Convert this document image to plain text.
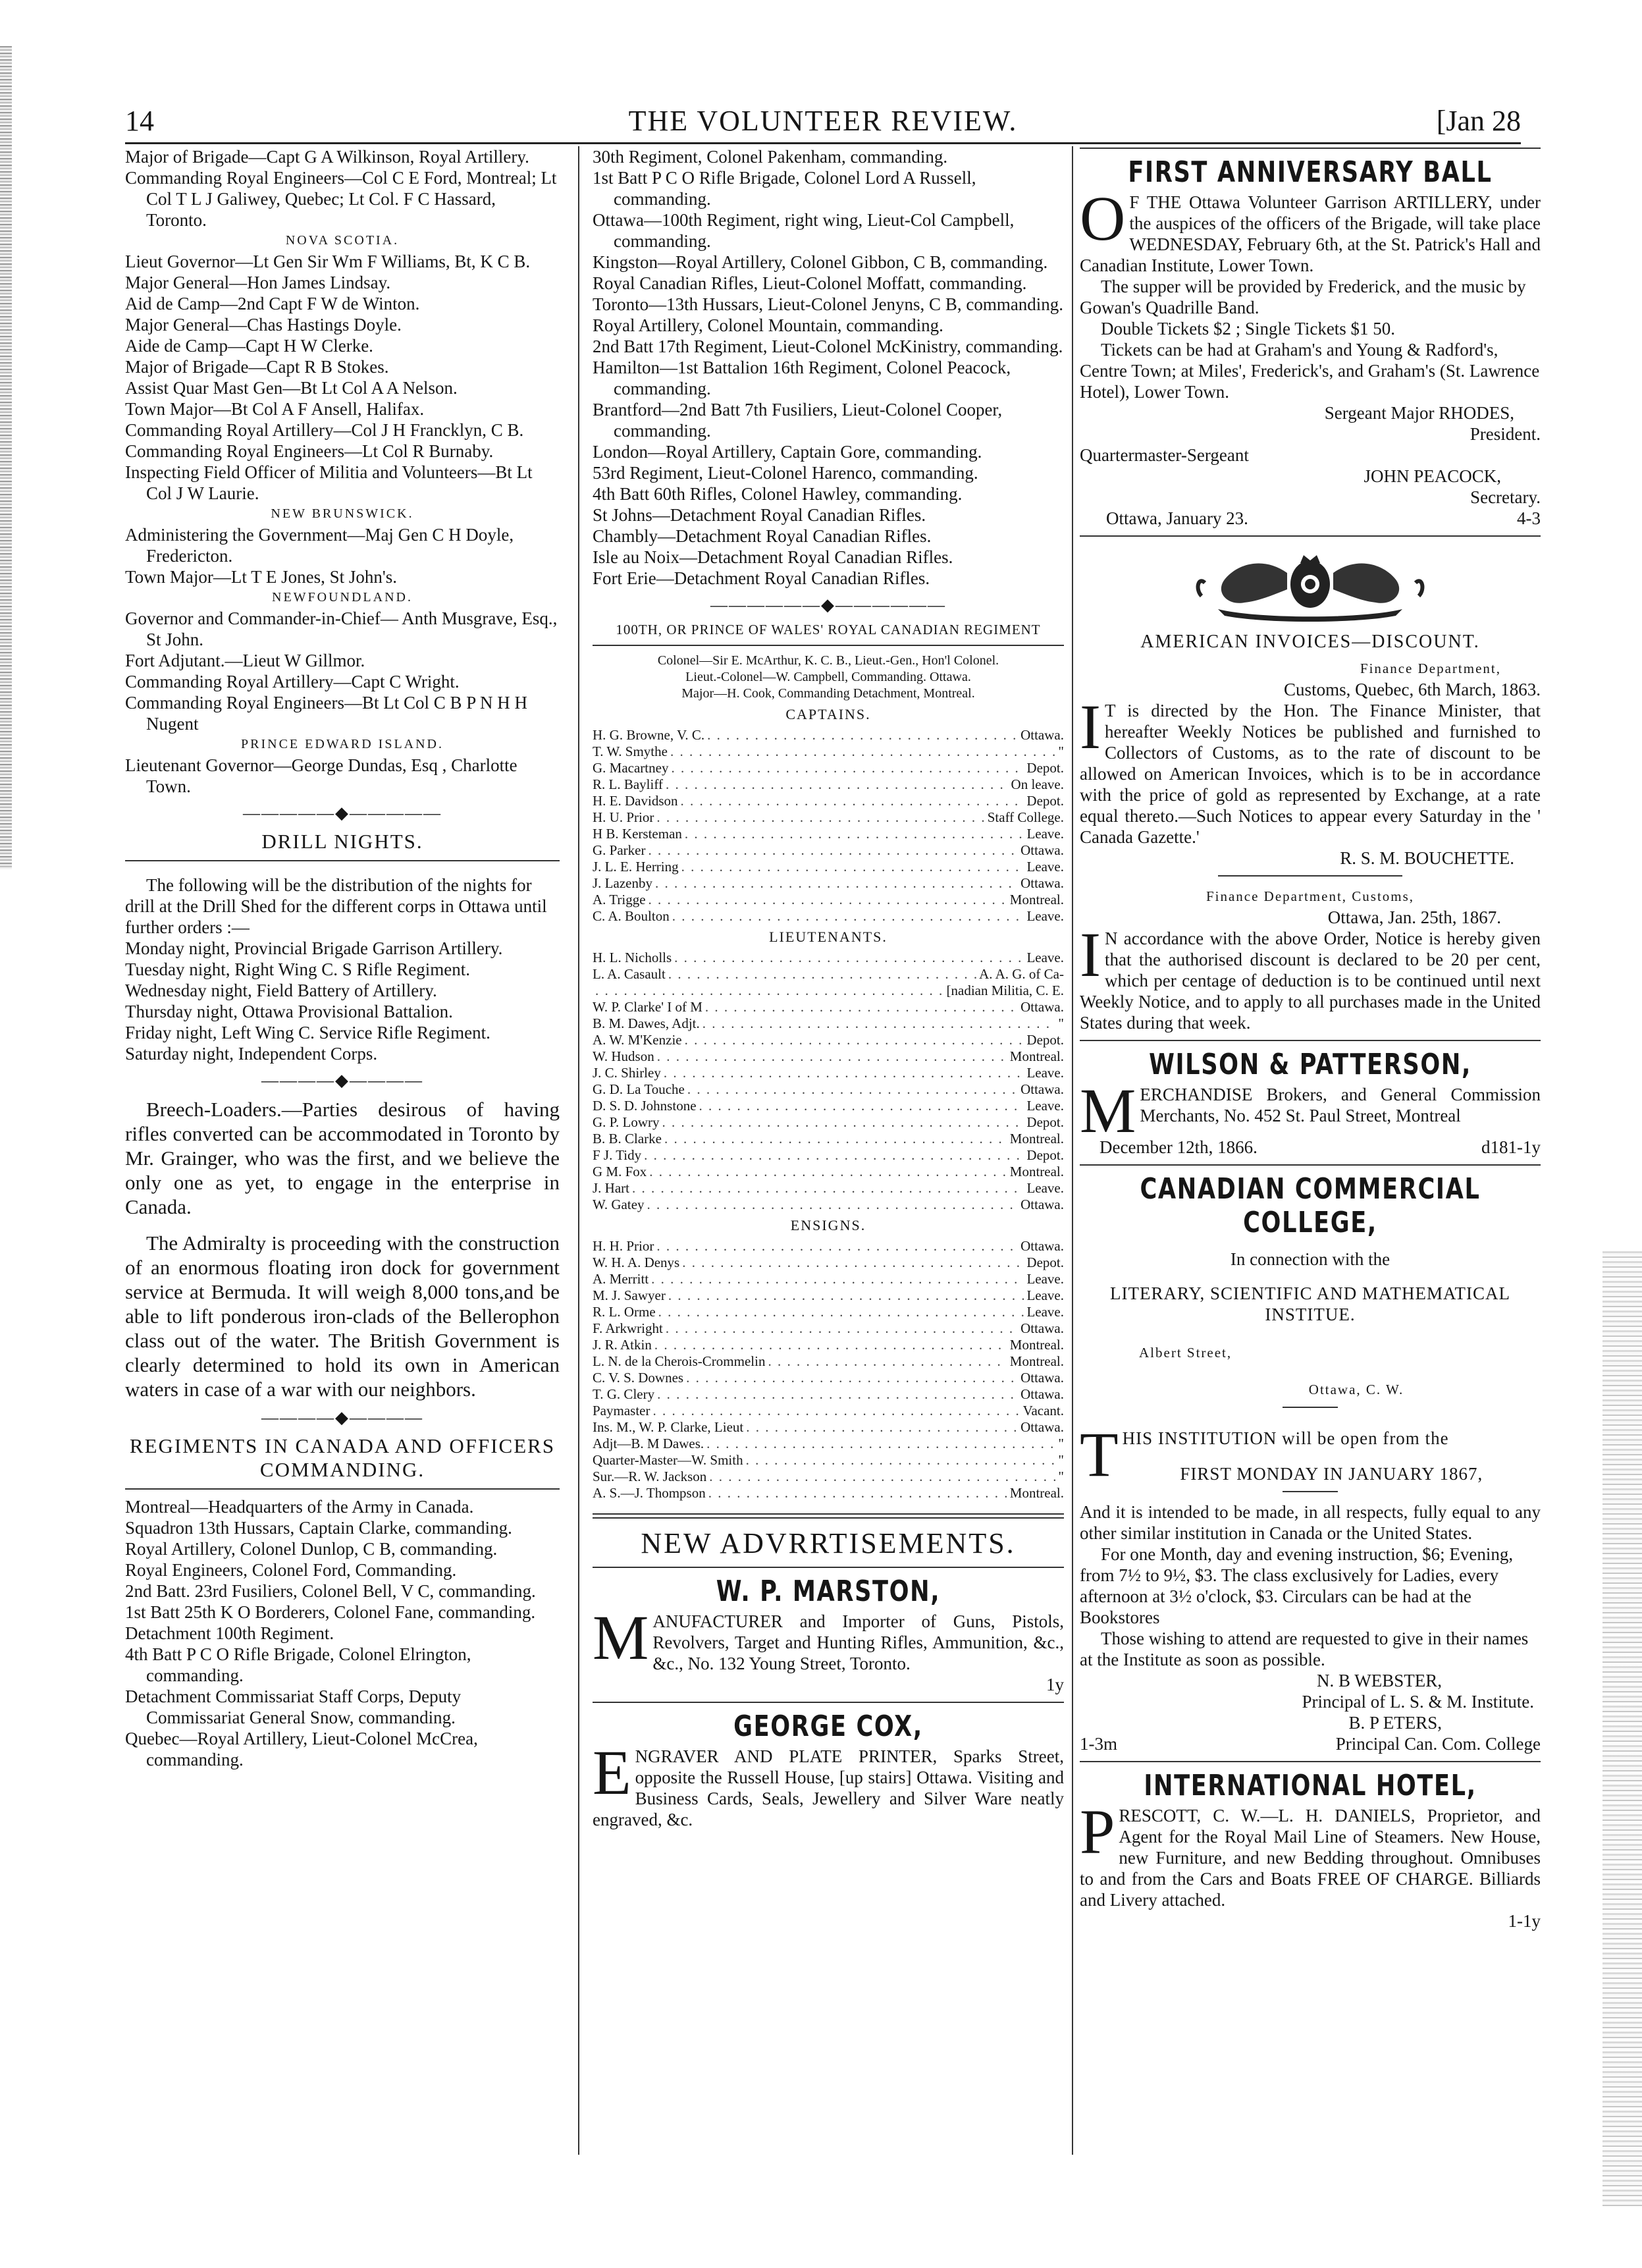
14	THE VOLUNTEER REVIEW.	[Jan 28

Major of Brigade—Capt G A Wilkinson, Royal Artillery.

Commanding Royal Engineers—Col C E Ford, Montreal; Lt Col T L J Galiwey, Quebec; Lt Col. F C Hassard, Toronto.

NOVA SCOTIA.

Lieut Governor—Lt Gen Sir Wm F Williams, Bt, K C B.

Major General—Hon James Lindsay.

Aid de Camp—2nd Capt F W de Winton.

Major General—Chas Hastings Doyle.

Aide de Camp—Capt H W Clerke.

Major of Brigade—Capt R B Stokes.

Assist Quar Mast Gen—Bt Lt Col A A Nelson.

Town Major—Bt Col A F Ansell, Halifax.

Commanding Royal Artillery—Col J H Francklyn, C B.

Commanding Royal Engineers—Lt Col R Burnaby.

Inspecting Field Officer of Militia and Volunteers—Bt Lt Col J W Laurie.

NEW BRUNSWICK.

Administering the Government—Maj Gen C H Doyle, Fredericton.

Town Major—Lt T E Jones, St John's.

NEWFOUNDLAND.

Governor and Commander-in-Chief— Anth Musgrave, Esq., St John.

Fort Adjutant.—Lieut W Gillmor.

Commanding Royal Artillery—Capt C Wright.

Commanding Royal Engineers—Bt Lt Col C B P N H H Nugent

PRINCE EDWARD ISLAND.

Lieutenant Governor—George Dundas, Esq , Charlotte Town.

—————◆—————
DRILL NIGHTS.

The following will be the distribution of the nights for drill at the Drill Shed for the different corps in Ottawa until further orders :—

Monday night, Provincial Brigade Garrison Artillery.

Tuesday night, Right Wing C. S Rifle Regiment.

Wednesday night, Field Battery of Artillery.

Thursday night, Ottawa Provisional Battalion.

Friday night, Left Wing C. Service Rifle Regiment.

Saturday night, Independent Corps.

————◆————

Breech-Loaders.—Parties desirous of having rifles converted can be accommodated in Toronto by Mr. Grainger, who was the first, and we believe the only one as yet, to engage in the enterprise in Canada.

The Admiralty is proceeding with the construction of an enormous floating iron dock for government service at Bermuda. It will weigh 8,000 tons,and be able to lift ponderous iron-clads of the Bellerophon class out of the water. The British Government is clearly determined to hold its own in American waters in case of a war with our neighbors.

————◆————
REGIMENTS IN CANADA AND OFFICERS COMMANDING.

Montreal—Headquarters of the Army in Canada.

Squadron 13th Hussars, Captain Clarke, commanding.

Royal Artillery, Colonel Dunlop, C B, commanding.

Royal Engineers, Colonel Ford, Commanding.

2nd Batt. 23rd Fusiliers, Colonel Bell, V C, commanding.

1st Batt 25th K O Borderers, Colonel Fane, commanding.

Detachment 100th Regiment.

4th Batt P C O Rifle Brigade, Colonel Elrington, commanding.

Detachment Commissariat Staff Corps, Deputy Commissariat General Snow, commanding.

Quebec—Royal Artillery, Lieut-Colonel McCrea, commanding.

30th Regiment, Colonel Pakenham, commanding.

1st Batt P C O Rifle Brigade, Colonel Lord A Russell, commanding.

Ottawa—100th Regiment, right wing, Lieut-Col Campbell, commanding.

Kingston—Royal Artillery, Colonel Gibbon, C B, commanding.

Royal Canadian Rifles, Lieut-Colonel Moffatt, commanding.

Toronto—13th Hussars, Lieut-Colonel Jenyns, C B, commanding.

Royal Artillery, Colonel Mountain, commanding.

2nd Batt 17th Regiment, Lieut-Colonel McKinistry, commanding.

Hamilton—1st Battalion 16th Regiment, Colonel Peacock, commanding.

Brantford—2nd Batt 7th Fusiliers, Lieut-Colonel Cooper, commanding.

London—Royal Artillery, Captain Gore, commanding.

53rd Regiment, Lieut-Colonel Harenco, commanding.

4th Batt 60th Rifles, Colonel Hawley, commanding.

St Johns—Detachment Royal Canadian Rifles.

Chambly—Detachment Royal Canadian Rifles.

Isle au Noix—Detachment Royal Canadian Rifles.

Fort Erie—Detachment Royal Canadian Rifles.

——————◆——————
100TH, OR PRINCE OF WALES' ROYAL CANADIAN REGIMENT

Colonel—Sir E. McArthur, K. C. B., Lieut.-Gen., Hon'l Colonel.

Lieut.-Colonel—W. Campbell, Commanding. Ottawa.

Major—H. Cook, Commanding Detachment, Montreal.

CAPTAINS.
H. G. Browne, V. C. . . .	Ottawa.
T. W. Smythe . . .	"
G. Macartney . . .	Depot.
R. L. Bayliff . . .	On leave.
H. E. Davidson . . .	Depot.
H. U. Prior . . .	Staff College.
H B. Kersteman . . .	Leave.
G. Parker . . .	Ottawa.
J. L. E. Herring . . .	Leave.
J. Lazenby . . .	Ottawa.
A. Trigge . . .	Montreal.
C. A. Boulton . . .	Leave.
LIEUTENANTS.
H. L. Nicholls . . .	Leave.
L. A. Casault . . .	A. A. G. of Ca-
. . .
[nadian Militia, C. E.
W. P. Clarke' I of M . . .	Ottawa.
B. M. Dawes, Adjt. . . .	"
A. W. M'Kenzie . . .	Depot.
W. Hudson . . .	Montreal.
J. C. Shirley . . .	Leave.
G. D. La Touche . . .	Ottawa.
D. S. D. Johnstone . . .	Leave.
G. P. Lowry . . .	Depot.
B. B. Clarke . . .	Montreal.
F J. Tidy . . .	Depot.
G M. Fox . . .	Montreal.
J. Hart . . .	Leave.
W. Gatey . . .	Ottawa.
ENSIGNS.
H. H. Prior . . .	Ottawa.
W. H. A. Denys . . .	Depot.
A. Merritt . . .	Leave.
M. J. Sawyer . . .	Leave.
R. L. Orme . . .	Leave.
F. Arkwright . . .	Ottawa.
J. R. Atkin . . .	Montreal.
L. N. de la Cherois-Crommelin . . .	Montreal.
C. V. S. Downes . . .	Ottawa.
T. G. Clery . . .	Ottawa.
Paymaster . . .	Vacant.
Ins. M., W. P. Clarke, Lieut . . .	Ottawa.
Adjt—B. M Dawes. . . .	"
Quarter-Master—W. Smith . . .	"
Sur.—R. W. Jackson . . .	"
A. S.—J. Thompson . . .	Montreal.
NEW ADVRRTISEMENTS.
W. P. MARSTON,
M ANUFACTURER and Importer of Guns, Pistols, Revolvers, Target and Hunting Rifles, Ammunition, &c., &c., No. 132 Young Street, Toronto.

1y

GEORGE COX,
E NGRAVER AND PLATE PRINTER, Sparks Street, opposite the Russell House, [up stairs] Ottawa. Visiting and Business Cards, Seals, Jewellery and Silver Ware neatly engraved, &c.

FIRST ANNIVERSARY BALL
O F THE Ottawa Volunteer Garrison ARTILLERY, under the auspices of the officers of the Brigade, will take place WEDNESDAY, February 6th, at the St. Patrick's Hall and Canadian Institute, Lower Town.

The supper will be provided by Frederick, and the music by Gowan's Quadrille Band.

Double Tickets $2 ; Single Tickets $1 50.

Tickets can be had at Graham's and Young & Radford's, Centre Town; at Miles', Frederick's, and Graham's (St. Lawrence Hotel), Lower Town.

Sergeant Major RHODES,

President.

Quartermaster-Sergeant

JOHN PEACOCK,

Secretary.

Ottawa, January 23.	4-3
AMERICAN INVOICES—DISCOUNT.

Finance Department,

Customs, Quebec, 6th March, 1863.

I T is directed by the Hon. The Finance Minister, that hereafter Weekly Notices be published and furnished to Collectors of Customs, as to the rate of discount to be allowed on American Invoices, which is to be in accordance with the price of gold as represented by Exchange, at a rate equal thereto.—Such Notices to appear every Saturday in the ' Canada Gazette.'

R. S. M. BOUCHETTE.

Finance Department, Customs,

Ottawa, Jan. 25th, 1867.

I N accordance with the above Order, Notice is hereby given that the authorised discount is declared to be 20 per cent, which per centage of deduction is to be continued until next Weekly Notice, and to apply to all purchases made in the United States during that week.

WILSON & PATTERSON,
M ERCHANDISE Brokers, and General Commission Merchants, No. 452 St. Paul Street, Montreal

December 12th, 1866.	d181-1y
CANADIAN COMMERCIAL COLLEGE,

In connection with the

LITERARY, SCIENTIFIC AND MATHEMATICAL INSTITUE.

Albert Street,

Ottawa, C. W.

T HIS INSTITUTION will be open from the

FIRST MONDAY IN JANUARY 1867,

And it is intended to be made, in all respects, fully equal to any other similar institution in Canada or the United States.

For one Month, day and evening instruction, $6; Evening, from 7½ to 9½, $3. The class exclusively for Ladies, every afternoon at 3½ o'clock, $3. Circulars can be had at the Bookstores

Those wishing to attend are requested to give in their names at the Institute as soon as possible.

N. B WEBSTER,

Principal of L. S. & M. Institute.

B. P ETERS,

1-3m	Principal Can. Com. College
INTERNATIONAL HOTEL,
P RESCOTT, C. W.—L. H. DANIELS, Proprietor, and Agent for the Royal Mail Line of Steamers. New House, new Furniture, and new Bedding throughout. Omnibuses to and from the Cars and Boats FREE OF CHARGE. Billiards and Livery attached.

1-1y
